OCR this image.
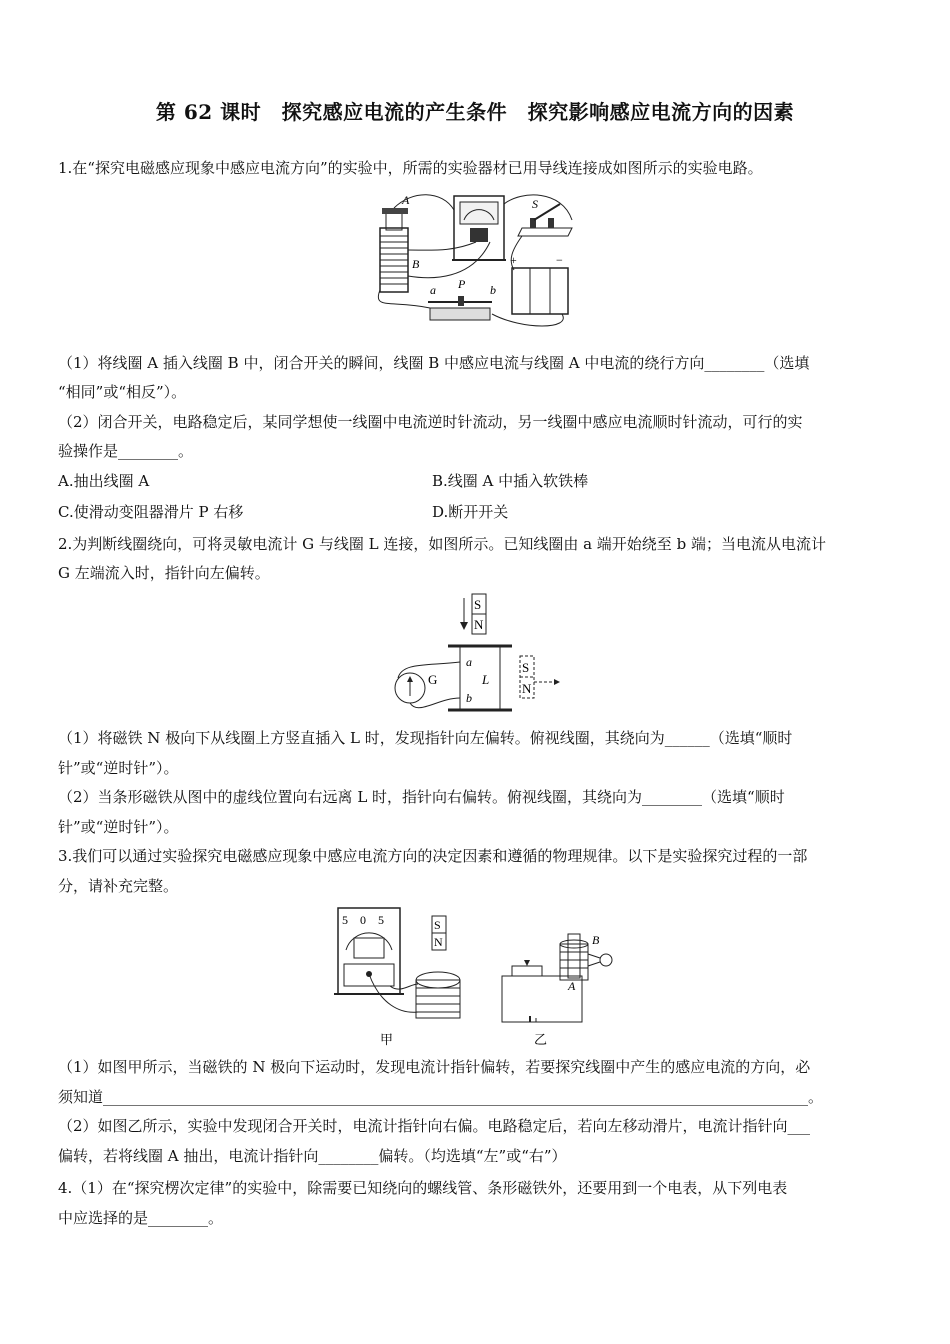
第 62 课时　探究感应电流的产生条件　探究影响感应电流方向的因素
1.在“探究电磁感应现象中感应电流方向”的实验中，所需的实验器材已用导线连接成如图所示的实验电路。
A
B
S
+	−
a P b
（1）将线圈 A 插入线圈 B 中，闭合开关的瞬间，线圈 B 中感应电流与线圈 A 中电流的绕行方向________（选填
“相同”或“相反”）。
（2）闭合开关，电路稳定后，某同学想使一线圈中电流逆时针流动，另一线圈中感应电流顺时针流动，可行的实
验操作是________。
A.抽出线圈 A	B.线圈 A 中插入软铁棒
C.使滑动变阻器滑片 P 右移	D.断开开关
2.为判断线圈绕向，可将灵敏电流计 G 与线圈 L 连接，如图所示。已知线圈由 a 端开始绕至 b 端；当电流从电流计
G 左端流入时，指针向左偏转。
S
N
L
a
b
G
S
N
（1）将磁铁 N 极向下从线圈上方竖直插入 L 时，发现指针向左偏转。俯视线圈，其绕向为______（选填“顺时
针”或“逆时针”）。
（2）当条形磁铁从图中的虚线位置向右远离 L 时，指针向右偏转。俯视线圈，其绕向为________（选填“顺时
针”或“逆时针”）。
3.我们可以通过实验探究电磁感应现象中感应电流方向的决定因素和遵循的物理规律。以下是实验探究过程的一部
分，请补充完整。
5　0　5	S
N
甲
B
A
乙
（1）如图甲所示，当磁铁的 N 极向下运动时，发现电流计指针偏转，若要探究线圈中产生的感应电流的方向，必
须知道______________________________________________________________________________________________。
（2）如图乙所示，实验中发现闭合开关时，电流计指针向右偏。电路稳定后，若向左移动滑片，电流计指针向___
偏转，若将线圈 A 抽出，电流计指针向________偏转。（均选填“左”或“右”）
4.（1）在“探究楞次定律”的实验中，除需要已知绕向的螺线管、条形磁铁外，还要用到一个电表，从下列电表
中应选择的是________。
